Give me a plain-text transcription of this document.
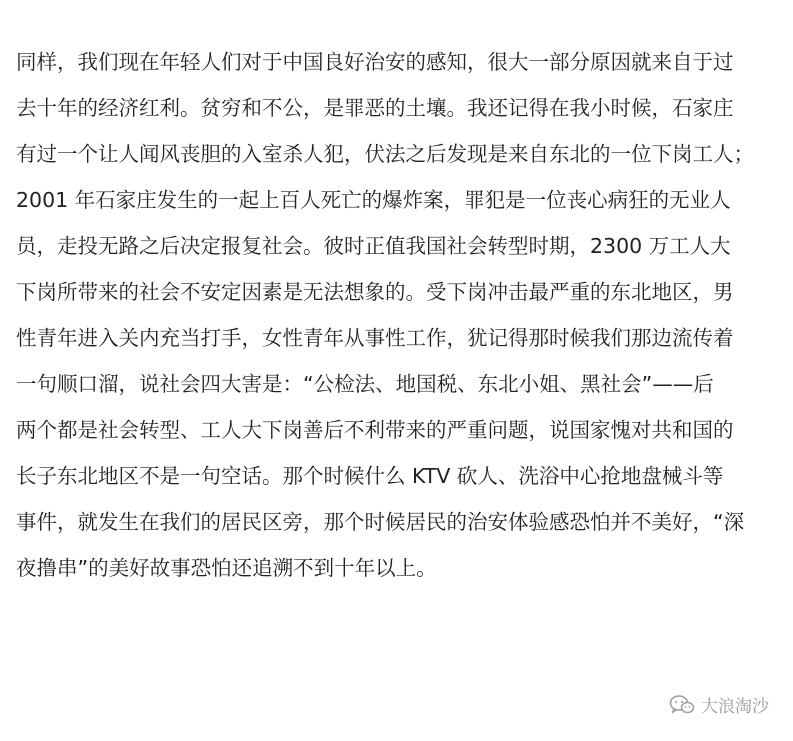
同样，我们现在年轻人们对于中国良好治安的感知，很大一部分原因就来自于过
去十年的经济红利。贫穷和不公，是罪恶的土壤。我还记得在我小时候，石家庄
有过一个让人闻风丧胆的入室杀人犯，伏法之后发现是来自东北的一位下岗工人；
2001 年石家庄发生的一起上百人死亡的爆炸案，罪犯是一位丧心病狂的无业人
员，走投无路之后决定报复社会。彼时正值我国社会转型时期，2300 万工人大
下岗所带来的社会不安定因素是无法想象的。受下岗冲击最严重的东北地区，男
性青年进入关内充当打手，女性青年从事性工作，犹记得那时候我们那边流传着
一句顺口溜，说社会四大害是：“公检法、地国税、东北小姐、黑社会”——后
两个都是社会转型、工人大下岗善后不利带来的严重问题，说国家愧对共和国的
长子东北地区不是一句空话。那个时候什么 KTV 砍人、洗浴中心抢地盘械斗等
事件，就发生在我们的居民区旁，那个时候居民的治安体验感恐怕并不美好，“深
夜撸串”的美好故事恐怕还追溯不到十年以上。
大浪淘沙
